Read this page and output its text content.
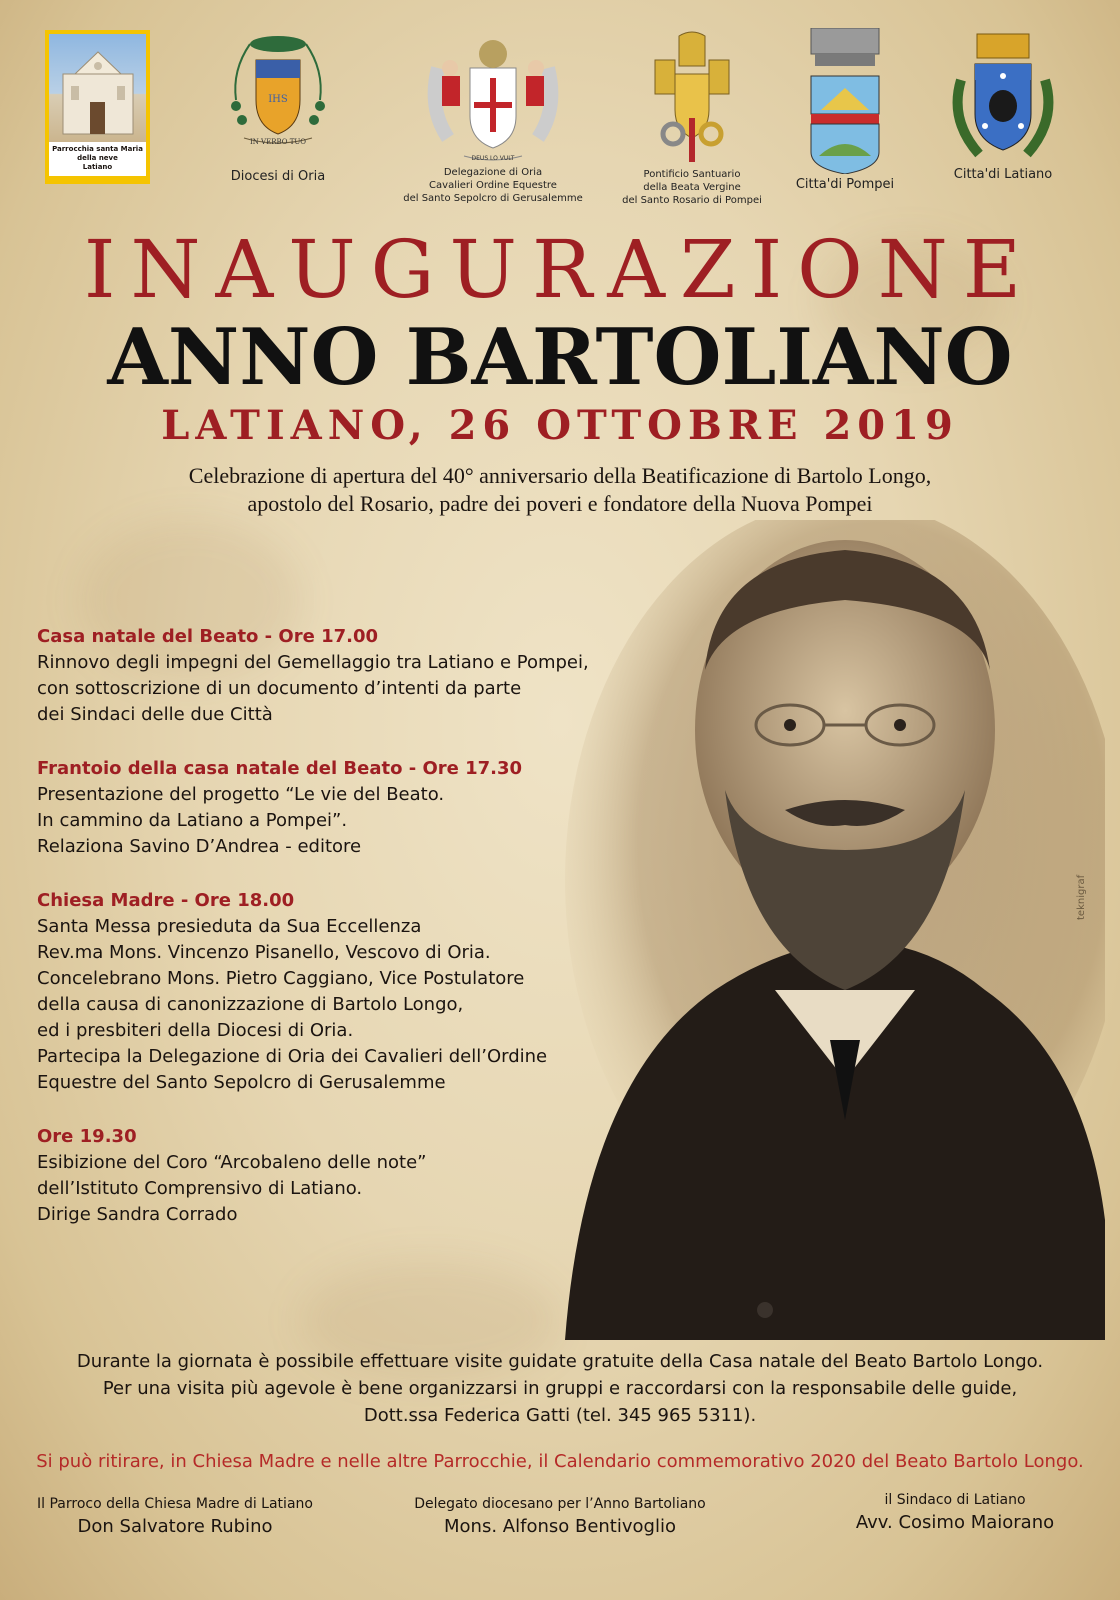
Parrocchia santa Maria della neve
Latiano
IHS
IN VERBO TUO
Diocesi di Oria
DEUS LO VULT
Delegazione di Oria
Cavalieri Ordine Equestre
del Santo Sepolcro di Gerusalemme
Pontificio Santuario
della Beata Vergine
del Santo Rosario di Pompei
Citta'di Pompei
Citta'di Latiano
INAUGURAZIONE
ANNO BARTOLIANO
LATIANO, 26 OTTOBRE 2019
Celebrazione di apertura del 40° anniversario della Beatificazione di Bartolo Longo,
apostolo del Rosario, padre dei poveri e fondatore della Nuova Pompei
Casa natale del Beato - Ore 17.00
Rinnovo degli impegni del Gemellaggio tra Latiano e Pompei,
con sottoscrizione di un documento d’intenti da parte
dei Sindaci delle due Città
Frantoio della casa natale del Beato - Ore 17.30
Presentazione del progetto “Le vie del Beato.
In cammino da Latiano a Pompei”.
Relaziona Savino D’Andrea - editore
Chiesa Madre - Ore 18.00
Santa Messa presieduta da Sua Eccellenza
Rev.ma Mons. Vincenzo Pisanello, Vescovo di Oria.
Concelebrano Mons. Pietro Caggiano, Vice Postulatore
della causa di canonizzazione di Bartolo Longo,
ed i presbiteri della Diocesi di Oria.
Partecipa la Delegazione di Oria dei Cavalieri dell’Ordine
Equestre del Santo Sepolcro di Gerusalemme
Ore 19.30
Esibizione del Coro “Arcobaleno delle note”
dell’Istituto Comprensivo di Latiano.
Dirige Sandra Corrado
teknigraf
Durante la giornata è possibile effettuare visite guidate gratuite della Casa natale del Beato Bartolo Longo.
Per una visita più agevole è bene organizzarsi in gruppi e raccordarsi con la responsabile delle guide,
Dott.ssa Federica Gatti (tel. 345 965 5311).
Si può ritirare, in Chiesa Madre e nelle altre Parrocchie, il Calendario commemorativo 2020 del Beato Bartolo Longo.
Il Parroco della Chiesa Madre di Latiano
Don Salvatore Rubino
Delegato diocesano per l’Anno Bartoliano
Mons. Alfonso Bentivoglio
il Sindaco di Latiano
Avv. Cosimo Maiorano
